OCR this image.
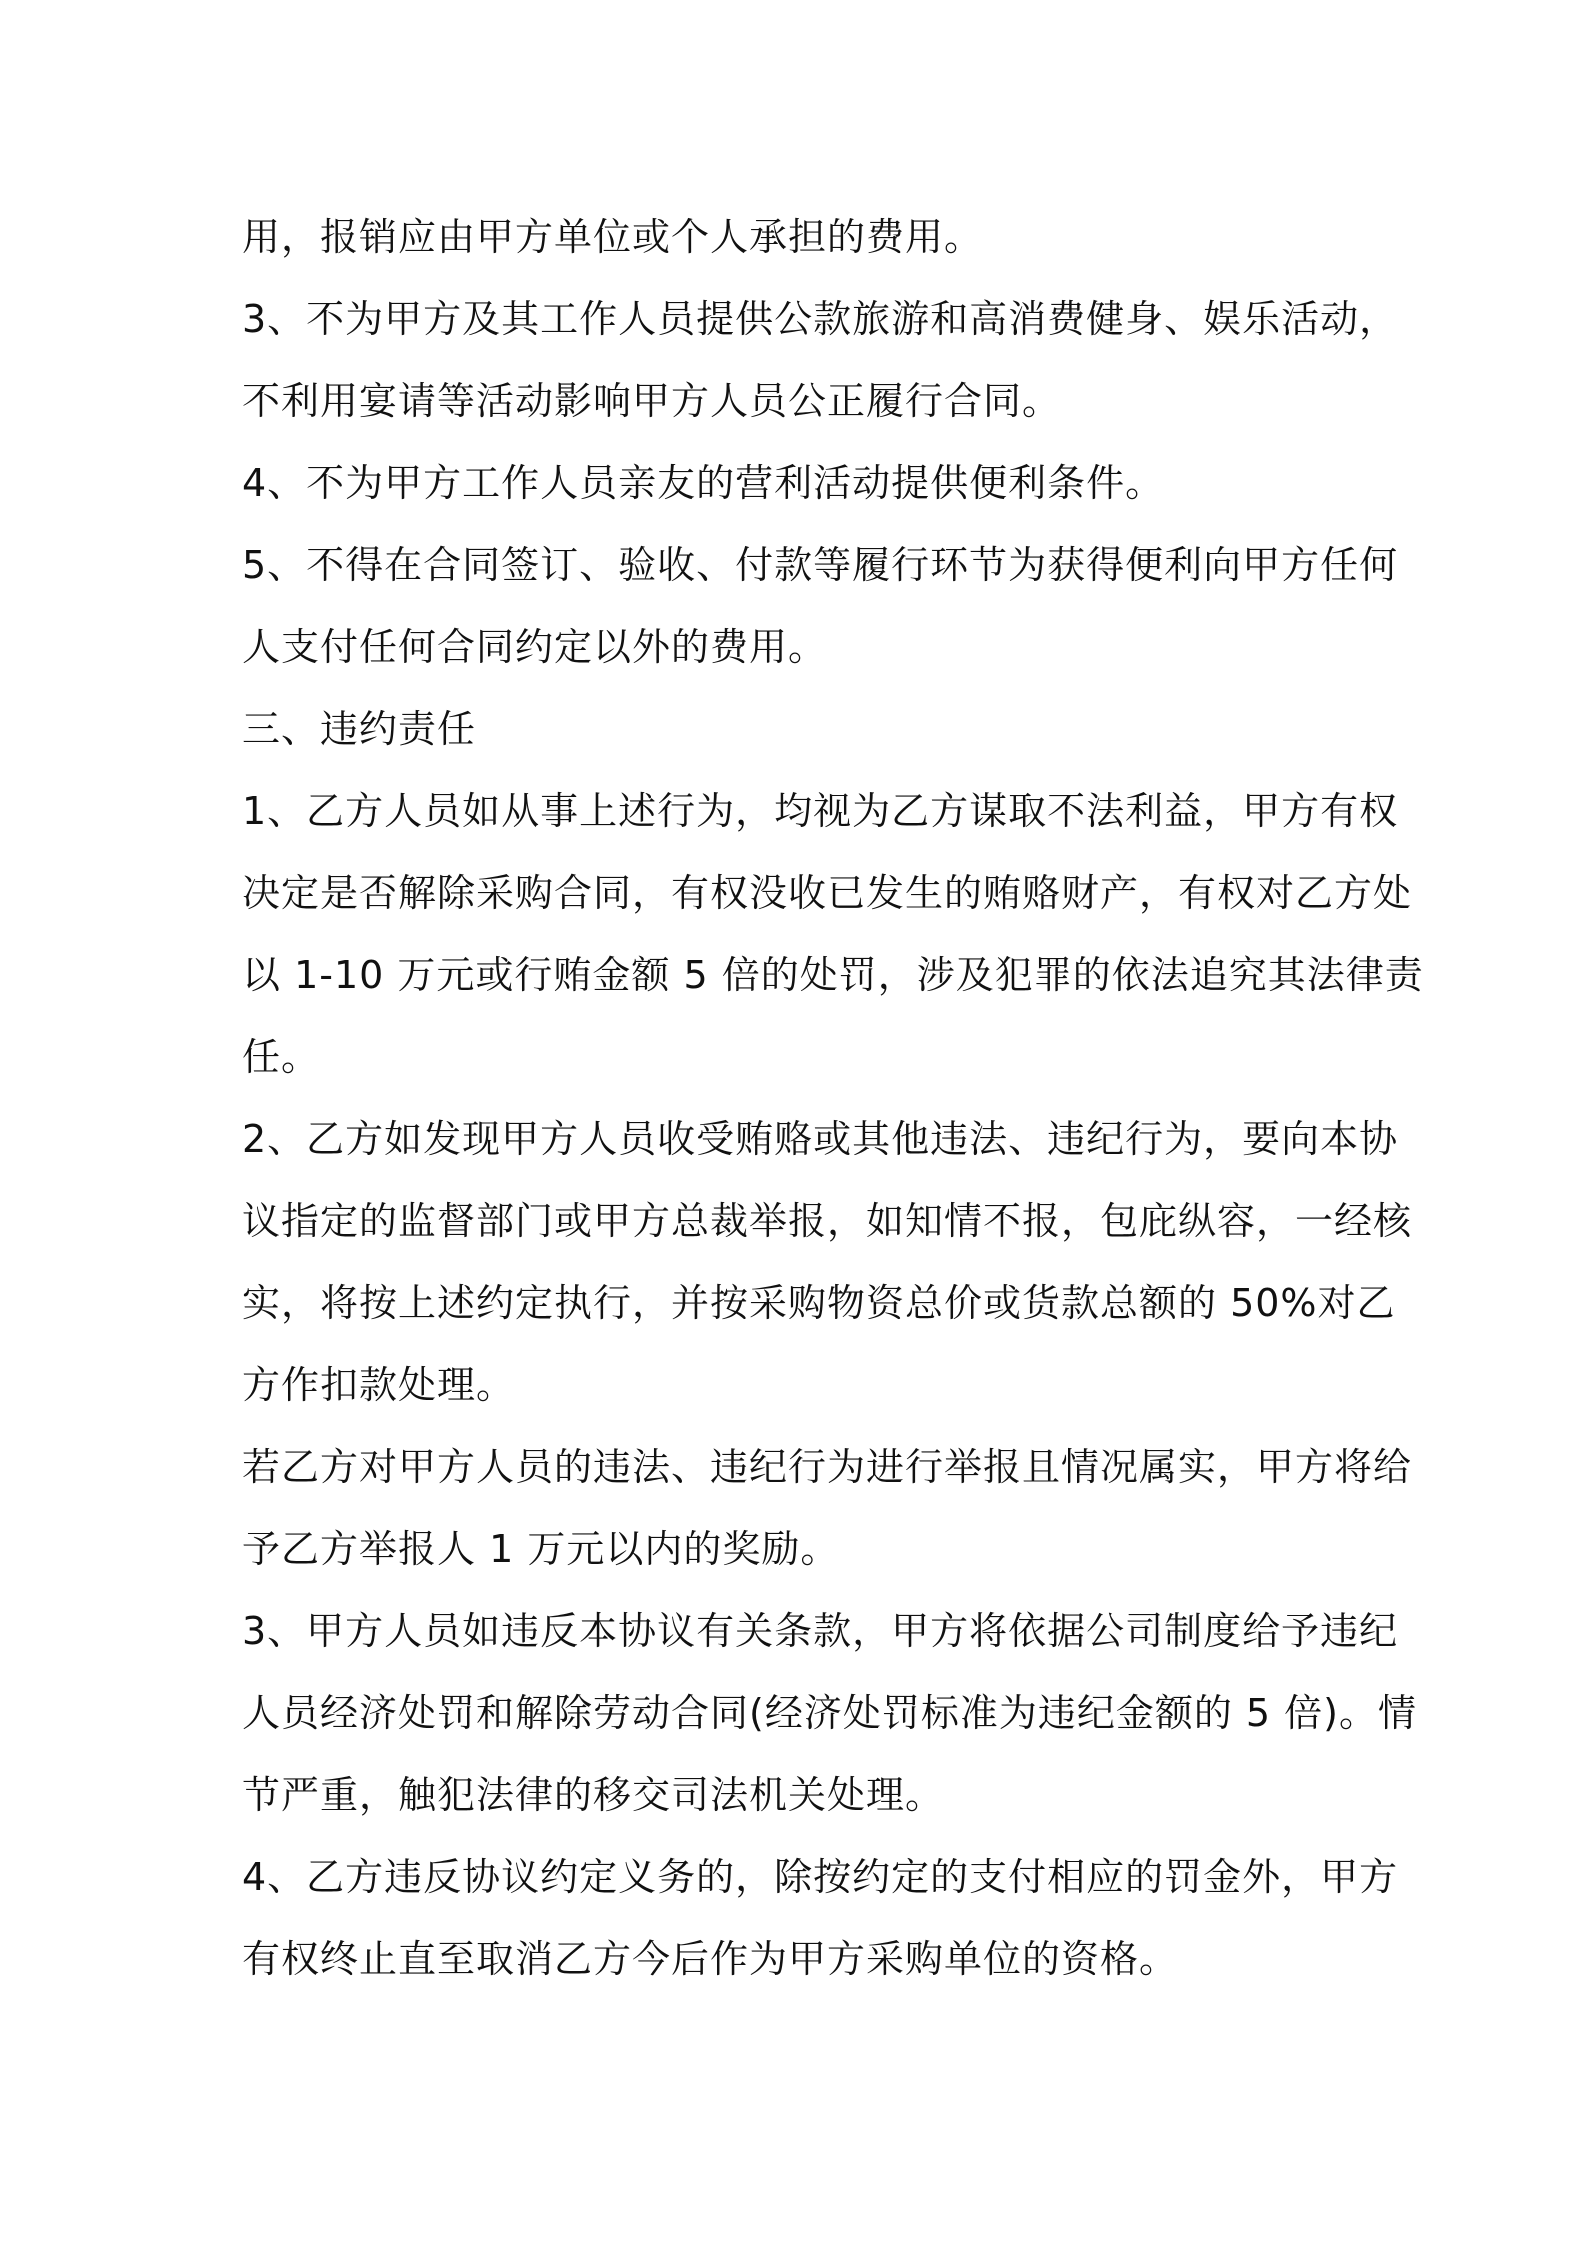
用，报销应由甲方单位或个人承担的费用。
3、不为甲方及其工作人员提供公款旅游和高消费健身、娱乐活动，
不利用宴请等活动影响甲方人员公正履行合同。
4、不为甲方工作人员亲友的营利活动提供便利条件。
5、不得在合同签订、验收、付款等履行环节为获得便利向甲方任何
人支付任何合同约定以外的费用。
三、违约责任
1、乙方人员如从事上述行为，均视为乙方谋取不法利益，甲方有权
决定是否解除采购合同，有权没收已发生的贿赂财产，有权对乙方处
以 1-10 万元或行贿金额 5 倍的处罚，涉及犯罪的依法追究其法律责
任。
2、乙方如发现甲方人员收受贿赂或其他违法、违纪行为，要向本协
议指定的监督部门或甲方总裁举报，如知情不报，包庇纵容，一经核
实，将按上述约定执行，并按采购物资总价或货款总额的 50%对乙
方作扣款处理。
若乙方对甲方人员的违法、违纪行为进行举报且情况属实，甲方将给
予乙方举报人 1 万元以内的奖励。
3、甲方人员如违反本协议有关条款，甲方将依据公司制度给予违纪
人员经济处罚和解除劳动合同(经济处罚标准为违纪金额的 5 倍)。情
节严重，触犯法律的移交司法机关处理。
4、乙方违反协议约定义务的，除按约定的支付相应的罚金外，甲方
有权终止直至取消乙方今后作为甲方采购单位的资格。
